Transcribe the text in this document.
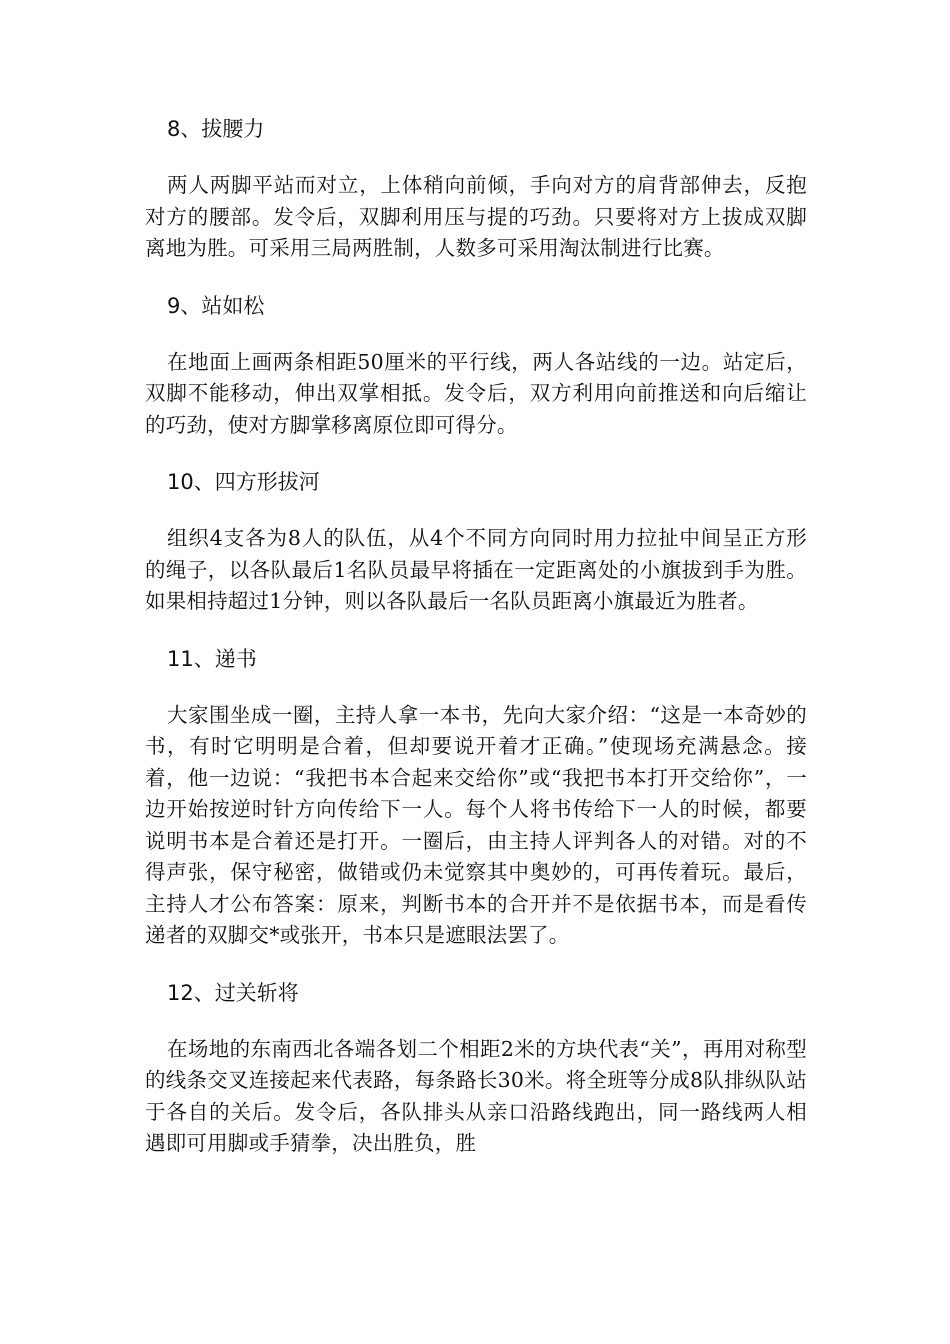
8、拔腰力

两人两脚平站而对立，上体稍向前倾，手向对方的肩背部伸去，反抱对方的腰部。发令后，双脚利用压与提的巧劲。只要将对方上拔成双脚离地为胜。可采用三局两胜制，人数多可采用淘汰制进行比赛。

9、站如松

在地面上画两条相距50厘米的平行线，两人各站线的一边。站定后，双脚不能移动，伸出双掌相抵。发令后，双方利用向前推送和向后缩让的巧劲，使对方脚掌移离原位即可得分。

10、四方形拔河

组织4支各为8人的队伍，从4个不同方向同时用力拉扯中间呈正方形的绳子，以各队最后1名队员最早将插在一定距离处的小旗拔到手为胜。如果相持超过1分钟，则以各队最后一名队员距离小旗最近为胜者。

11、递书

大家围坐成一圈，主持人拿一本书，先向大家介绍：“这是一本奇妙的书，有时它明明是合着，但却要说开着才正确。”使现场充满悬念。接着，他一边说：“我把书本合起来交给你”或“我把书本打开交给你”，一边开始按逆时针方向传给下一人。每个人将书传给下一人的时候，都要说明书本是合着还是打开。一圈后，由主持人评判各人的对错。对的不得声张，保守秘密，做错或仍未觉察其中奥妙的，可再传着玩。最后，主持人才公布答案：原来，判断书本的合开并不是依据书本，而是看传递者的双脚交*或张开，书本只是遮眼法罢了。

12、过关斩将

在场地的东南西北各端各划二个相距2米的方块代表“关”，再用对称型的线条交叉连接起来代表路，每条路长30米。将全班等分成8队排纵队站于各自的关后。发令后，各队排头从亲口沿路线跑出，同一路线两人相遇即可用脚或手猜拳，决出胜负，胜
